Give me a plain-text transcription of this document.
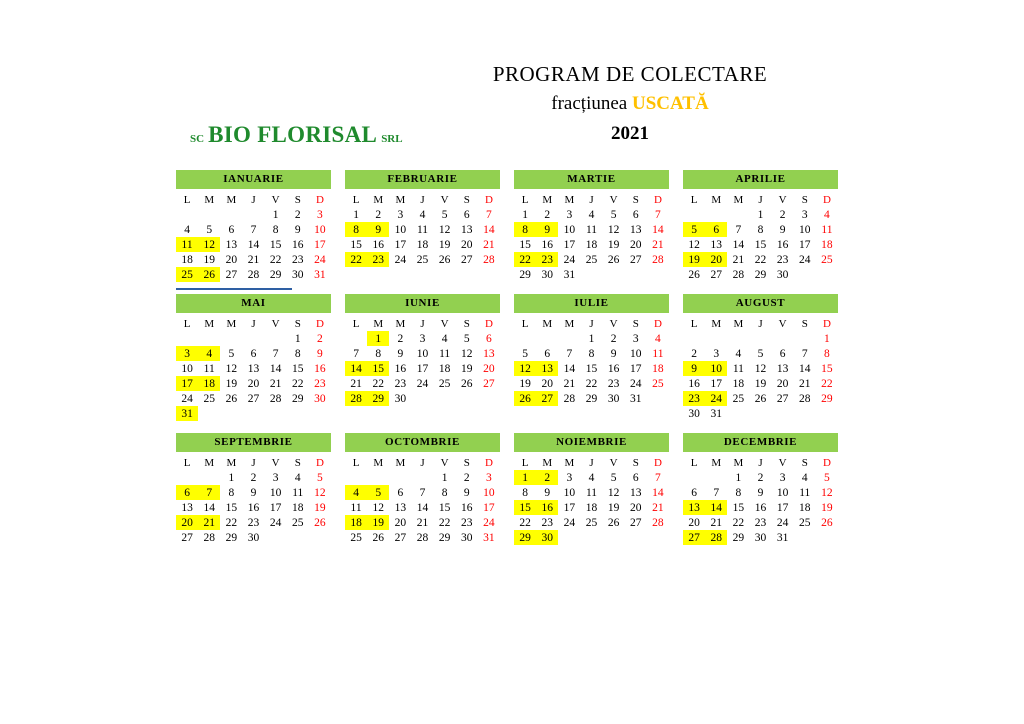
PROGRAM DE COLECTARE
fracțiunea USCATĂ
2021
SC BIO FLORISAL SRL
IANUARIE
L	M	M	J	V	S	D
				1	2	3
4	5	6	7	8	9	10
11	12	13	14	15	16	17
18	19	20	21	22	23	24
25	26	27	28	29	30	31
FEBRUARIE
L	M	M	J	V	S	D
1	2	3	4	5	6	7
8	9	10	11	12	13	14
15	16	17	18	19	20	21
22	23	24	25	26	27	28
MARTIE
L	M	M	J	V	S	D
1	2	3	4	5	6	7
8	9	10	11	12	13	14
15	16	17	18	19	20	21
22	23	24	25	26	27	28
29	30	31				
APRILIE
L	M	M	J	V	S	D
			1	2	3	4
5	6	7	8	9	10	11
12	13	14	15	16	17	18
19	20	21	22	23	24	25
26	27	28	29	30		
MAI
L	M	M	J	V	S	D
					1	2
3	4	5	6	7	8	9
10	11	12	13	14	15	16
17	18	19	20	21	22	23
24	25	26	27	28	29	30
31						
IUNIE
L	M	M	J	V	S	D
	1	2	3	4	5	6
7	8	9	10	11	12	13
14	15	16	17	18	19	20
21	22	23	24	25	26	27
28	29	30				
IULIE
L	M	M	J	V	S	D
			1	2	3	4
5	6	7	8	9	10	11
12	13	14	15	16	17	18
19	20	21	22	23	24	25
26	27	28	29	30	31	
AUGUST
L	M	M	J	V	S	D
						1
2	3	4	5	6	7	8
9	10	11	12	13	14	15
16	17	18	19	20	21	22
23	24	25	26	27	28	29
30	31					
SEPTEMBRIE
L	M	M	J	V	S	D
		1	2	3	4	5
6	7	8	9	10	11	12
13	14	15	16	17	18	19
20	21	22	23	24	25	26
27	28	29	30			
OCTOMBRIE
L	M	M	J	V	S	D
				1	2	3
4	5	6	7	8	9	10
11	12	13	14	15	16	17
18	19	20	21	22	23	24
25	26	27	28	29	30	31
NOIEMBRIE
L	M	M	J	V	S	D
1	2	3	4	5	6	7
8	9	10	11	12	13	14
15	16	17	18	19	20	21
22	23	24	25	26	27	28
29	30					
DECEMBRIE
L	M	M	J	V	S	D
		1	2	3	4	5
6	7	8	9	10	11	12
13	14	15	16	17	18	19
20	21	22	23	24	25	26
27	28	29	30	31		
